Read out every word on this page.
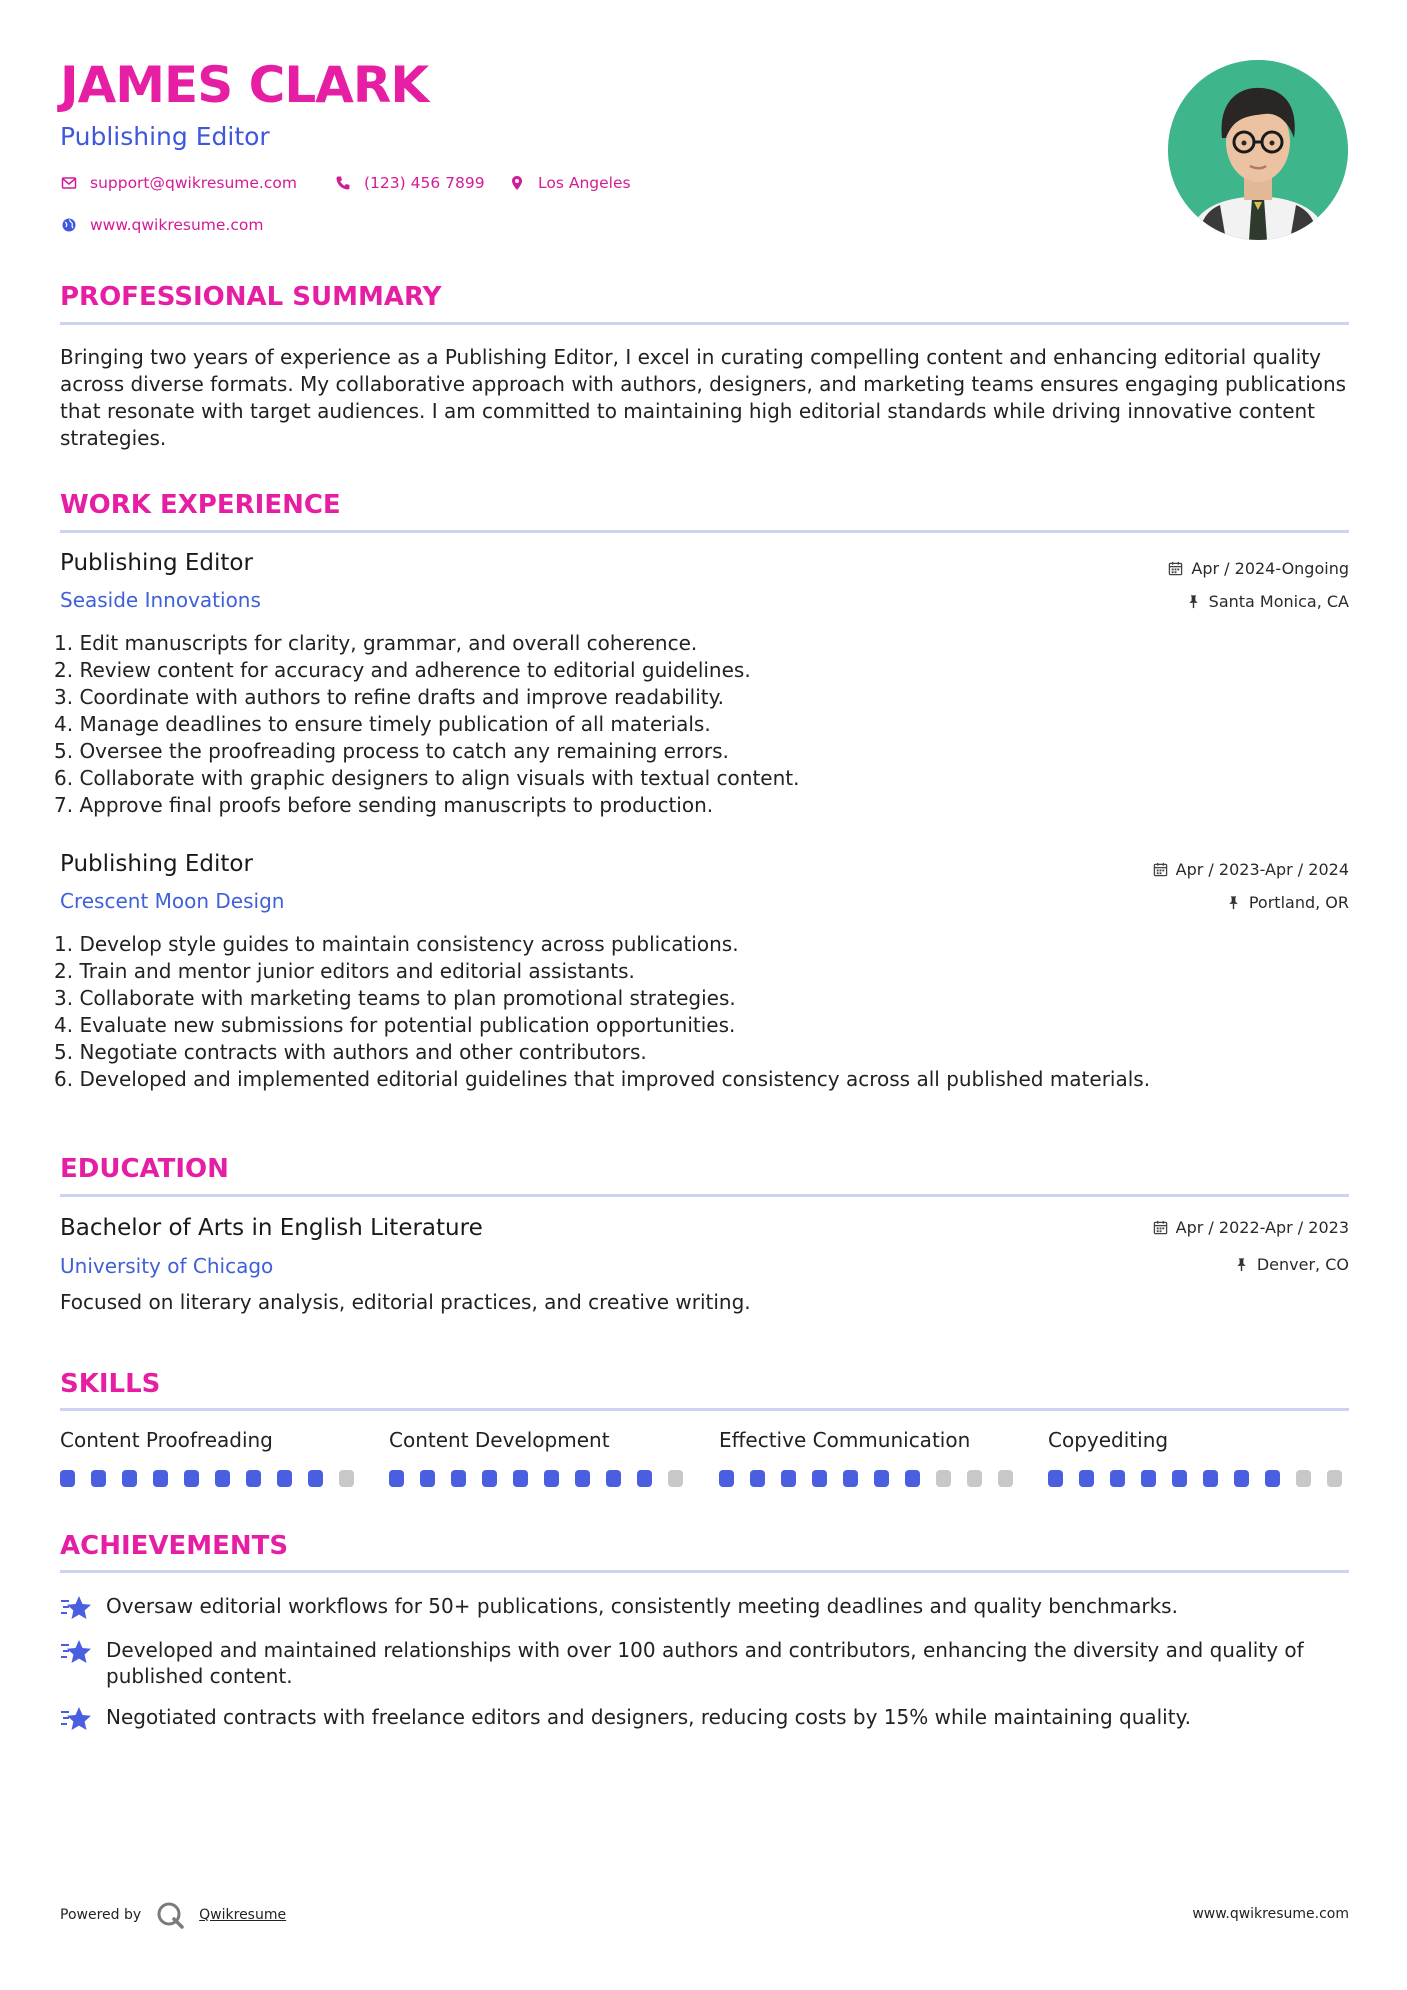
JAMES CLARK
Publishing Editor
support@qwikresume.com	(123) 456 7899	Los Angeles
www.qwikresume.com
PROFESSIONAL SUMMARY
Bringing two years of experience as a Publishing Editor, I excel in curating compelling content and enhancing editorial quality across diverse formats. My collaborative approach with authors, designers, and marketing teams ensures engaging publications that resonate with target audiences. I am committed to maintaining high editorial standards while driving innovative content strategies.
WORK EXPERIENCE
Publishing Editor
Seaside Innovations
Apr / 2024-Ongoing
Santa Monica, CA
1. Edit manuscripts for clarity, grammar, and overall coherence.
2. Review content for accuracy and adherence to editorial guidelines.
3. Coordinate with authors to refine drafts and improve readability.
4. Manage deadlines to ensure timely publication of all materials.
5. Oversee the proofreading process to catch any remaining errors.
6. Collaborate with graphic designers to align visuals with textual content.
7. Approve final proofs before sending manuscripts to production.
Publishing Editor
Crescent Moon Design
Apr / 2023-Apr / 2024
Portland, OR
1. Develop style guides to maintain consistency across publications.
2. Train and mentor junior editors and editorial assistants.
3. Collaborate with marketing teams to plan promotional strategies.
4. Evaluate new submissions for potential publication opportunities.
5. Negotiate contracts with authors and other contributors.
6. Developed and implemented editorial guidelines that improved consistency across all published materials.
EDUCATION
Bachelor of Arts in English Literature
University of Chicago
Apr / 2022-Apr / 2023
Denver, CO
Focused on literary analysis, editorial practices, and creative writing.
SKILLS
Content Proofreading	Content Development	Effective Communication	Copyediting
ACHIEVEMENTS
Oversaw editorial workflows for 50+ publications, consistently meeting deadlines and quality benchmarks.
Developed and maintained relationships with over 100 authors and contributors, enhancing the diversity and quality of published content.
Negotiated contracts with freelance editors and designers, reducing costs by 15% while maintaining quality.
Powered by	Qwikresume	www.qwikresume.com
